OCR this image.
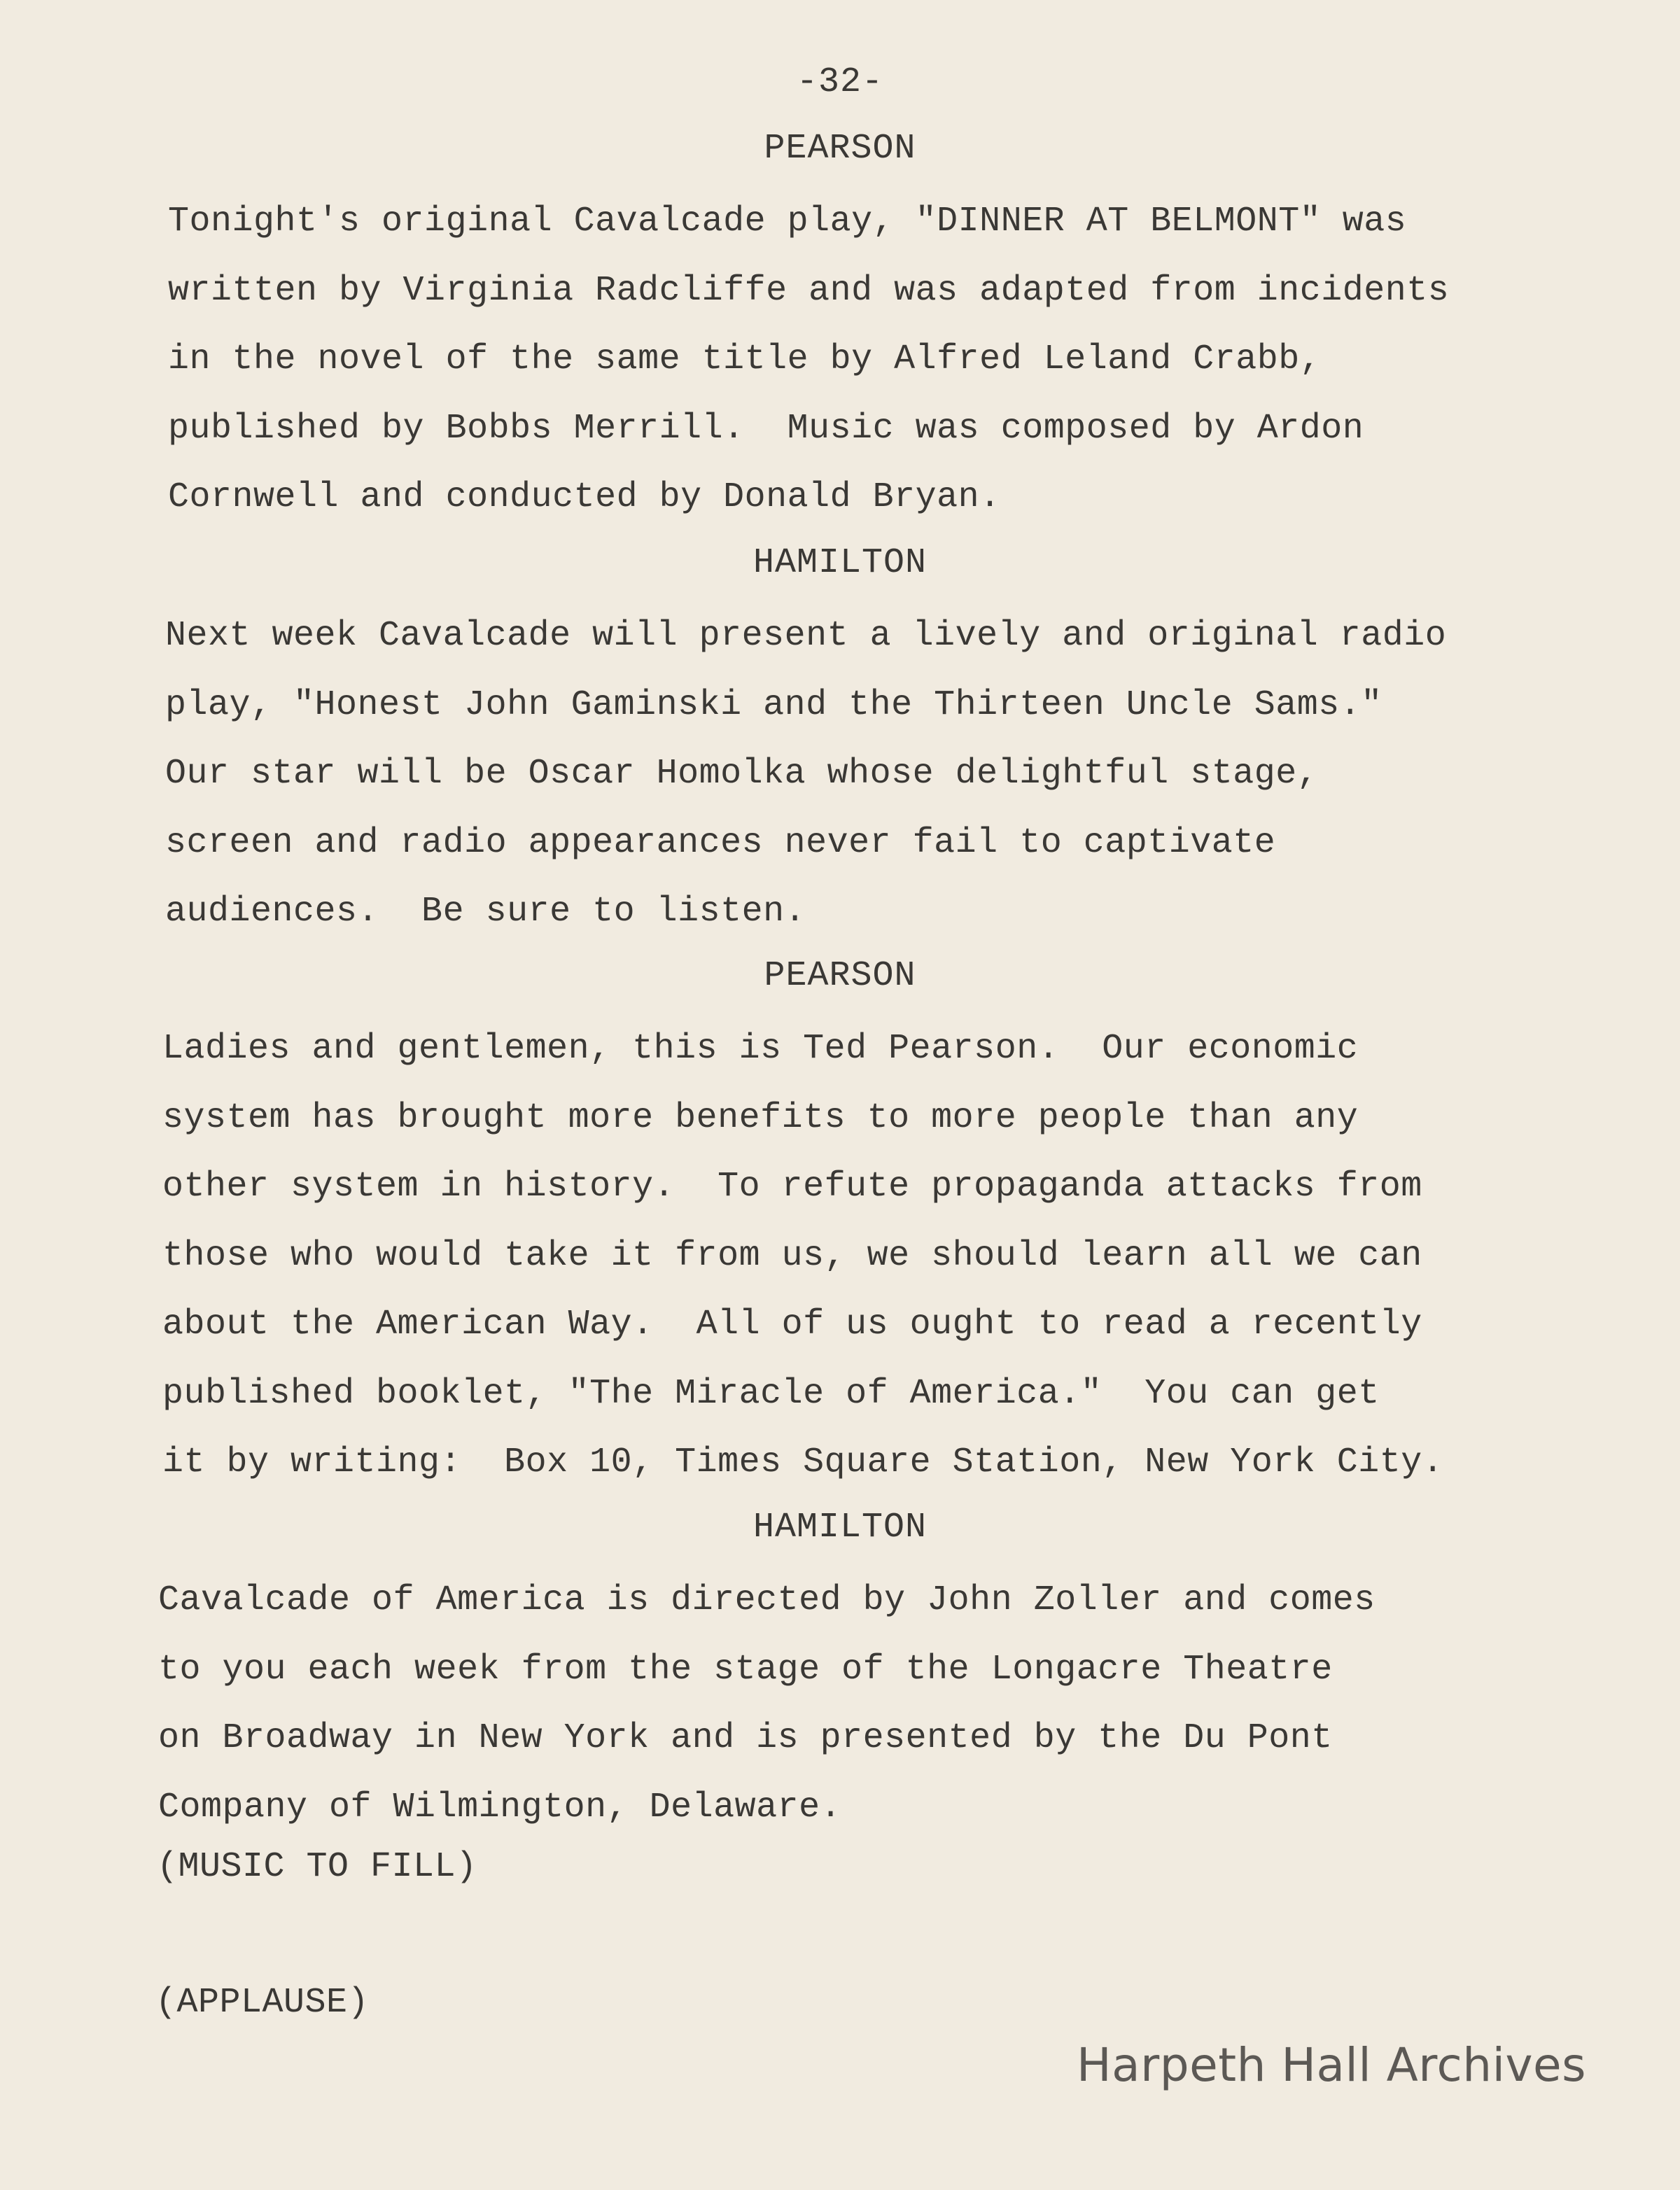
-32-
PEARSON
Tonight's original Cavalcade play, "DINNER AT BELMONT" was
written by Virginia Radcliffe and was adapted from incidents
in the novel of the same title by Alfred Leland Crabb,
published by Bobbs Merrill.  Music was composed by Ardon
Cornwell and conducted by Donald Bryan.
HAMILTON
Next week Cavalcade will present a lively and original radio
play, "Honest John Gaminski and the Thirteen Uncle Sams."
Our star will be Oscar Homolka whose delightful stage,
screen and radio appearances never fail to captivate
audiences.  Be sure to listen.
PEARSON
Ladies and gentlemen, this is Ted Pearson.  Our economic
system has brought more benefits to more people than any
other system in history.  To refute propaganda attacks from
those who would take it from us, we should learn all we can
about the American Way.  All of us ought to read a recently
published booklet, "The Miracle of America."  You can get
it by writing:  Box 10, Times Square Station, New York City.
HAMILTON
Cavalcade of America is directed by John Zoller and comes
to you each week from the stage of the Longacre Theatre
on Broadway in New York and is presented by the Du Pont
Company of Wilmington, Delaware.
(MUSIC TO FILL)
(APPLAUSE)
Harpeth Hall Archives
